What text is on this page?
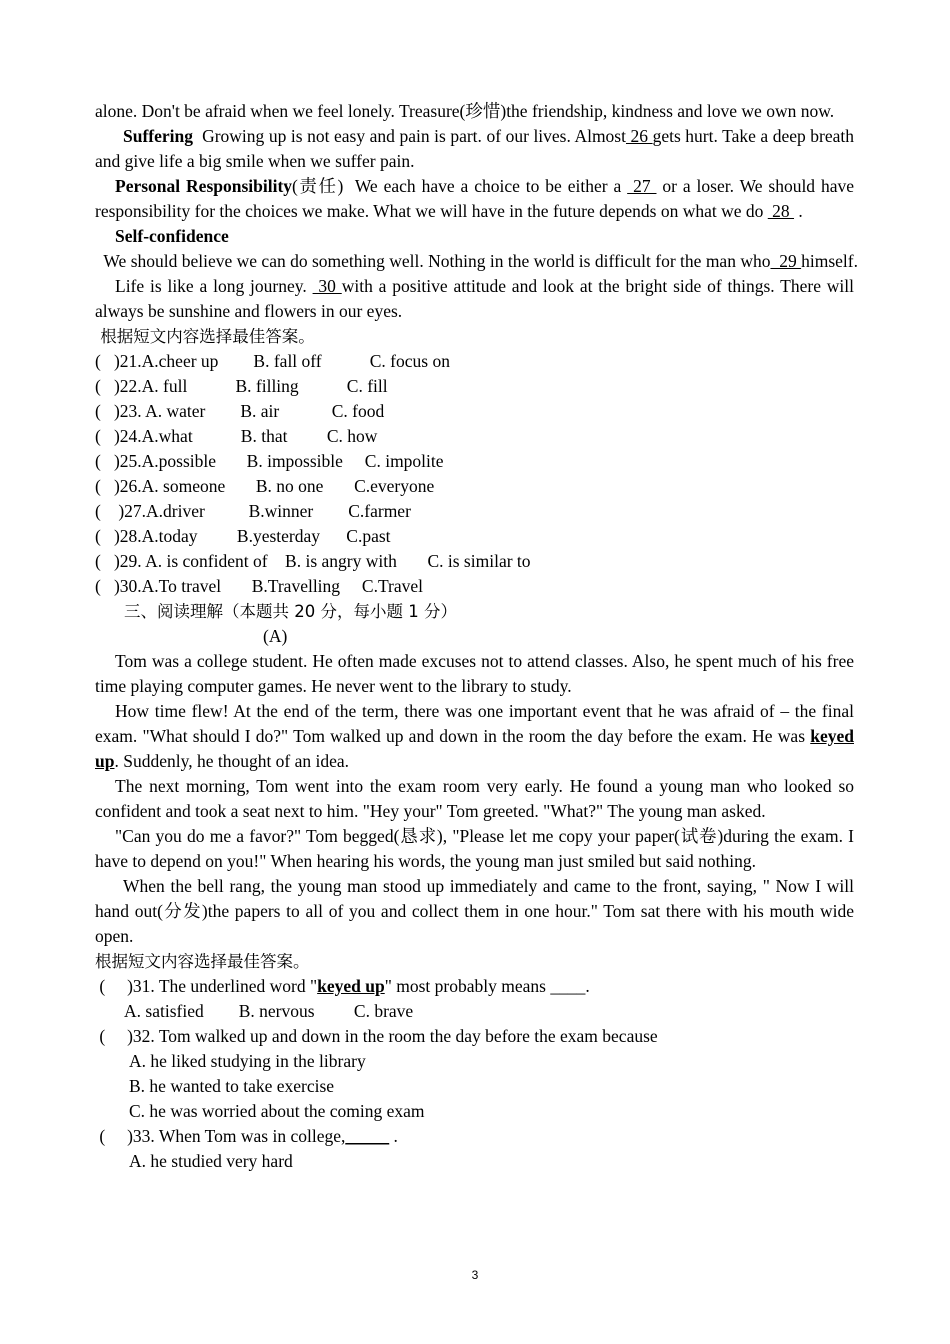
alone. Don't be afraid when we feel lonely. Treasure(珍惜)the friendship, kindness and love we own now.

Suffering  Growing up is not easy and pain is part. of our lives. Almost 26 gets hurt. Take a deep breath and give life a big smile when we suffer pain.

Personal Responsibility(责任)  We each have a choice to be either a  27  or a loser. We should have responsibility for the choices we make. What we will have in the future depends on what we do  28  .

Self-confidence  We should believe we can do something well. Nothing in the world is difficult for the man who  29 himself.

Life is like a long journey.  30 with a positive attitude and look at the bright side of things. There will always be sunshine and flowers in our eyes.

根据短文内容选择最佳答案。

(   )21.A.cheer up        B. fall off           C. focus on

(   )22.A. full           B. filling           C. fill

(   )23. A. water        B. air            C. food

(   )24.A.what           B. that         C. how

(   )25.A.possible       B. impossible     C. impolite

(   )26.A. someone       B. no one       C.everyone

(    )27.A.driver          B.winner        C.farmer

(   )28.A.today         B.yesterday      C.past

(   )29. A. is confident of    B. is angry with       C. is similar to

(   )30.A.To travel       B.Travelling     C.Travel

三、阅读理解（本题共 20 分，每小题 1 分）

(A)

Tom was a college student. He often made excuses not to attend classes. Also, he spent much of his free time playing computer games. He never went to the library to study.

How time flew! At the end of the term, there was one important event that he was afraid of – the final exam. "What should I do?" Tom walked up and down in the room the day before the exam. He was keyed up. Suddenly, he thought of an idea.

The next morning, Tom went into the exam room very early. He found a young man who looked so confident and took a seat next to him. "Hey your" Tom greeted. "What?" The young man asked.

"Can you do me a favor?" Tom begged(恳求), "Please let me copy your paper(试卷)during the exam. I have to depend on you!" When hearing his words, the young man just smiled but said nothing.

When the bell rang, the young man stood up immediately and came to the front, saying, " Now I will hand out(分发)the papers to all of you and collect them in one hour." Tom sat there with his mouth wide open.

根据短文内容选择最佳答案。

(     )31. The underlined word "keyed up" most probably means ____.

A. satisfied        B. nervous         C. brave

(     )32. Tom walked up and down in the room the day before the exam because

A. he liked studying in the library

B. he wanted to take exercise

C. he was worried about the coming exam

(     )33. When Tom was in college,_____ .

A. he studied very hard

3
